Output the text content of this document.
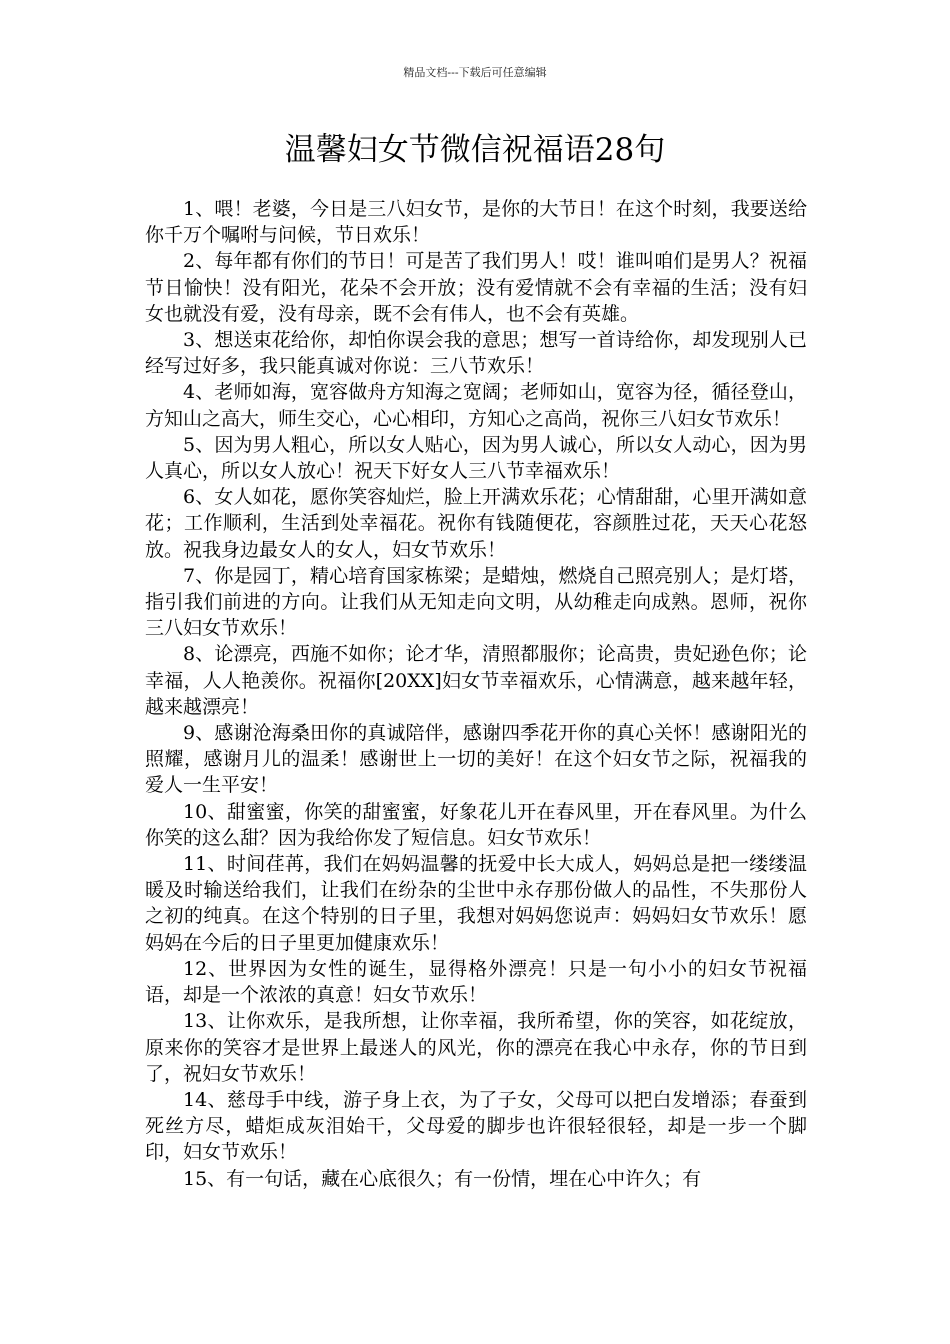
精品文档---下载后可任意编辑
温馨妇女节微信祝福语28句

1、喂！老婆，今日是三八妇女节，是你的大节日！在这个时刻，我要送给你千万个嘱咐与问候，节日欢乐！

2、每年都有你们的节日！可是苦了我们男人！哎！谁叫咱们是男人？祝福节日愉快！没有阳光，花朵不会开放；没有爱情就不会有幸福的生活；没有妇女也就没有爱，没有母亲，既不会有伟人，也不会有英雄。

3、想送束花给你，却怕你误会我的意思；想写一首诗给你，却发现别人已经写过好多，我只能真诚对你说：三八节欢乐！

4、老师如海，宽容做舟方知海之宽阔；老师如山，宽容为径，循径登山，方知山之高大，师生交心，心心相印，方知心之高尚，祝你三八妇女节欢乐！

5、因为男人粗心，所以女人贴心，因为男人诚心，所以女人动心，因为男人真心，所以女人放心！祝天下好女人三八节幸福欢乐！

6、女人如花，愿你笑容灿烂，脸上开满欢乐花；心情甜甜，心里开满如意花；工作顺利，生活到处幸福花。祝你有钱随便花，容颜胜过花，天天心花怒放。祝我身边最女人的女人，妇女节欢乐！

7、你是园丁，精心培育国家栋梁；是蜡烛，燃烧自己照亮别人；是灯塔，指引我们前进的方向。让我们从无知走向文明，从幼稚走向成熟。恩师，祝你三八妇女节欢乐！

8、论漂亮，西施不如你；论才华，清照都服你；论高贵，贵妃逊色你；论幸福，人人艳羡你。祝福你[20XX]妇女节幸福欢乐，心情满意，越来越年轻，越来越漂亮！

9、感谢沧海桑田你的真诚陪伴，感谢四季花开你的真心关怀！感谢阳光的照耀，感谢月儿的温柔！感谢世上一切的美好！在这个妇女节之际，祝福我的爱人一生平安！

10、甜蜜蜜，你笑的甜蜜蜜，好象花儿开在春风里，开在春风里。为什么你笑的这么甜？因为我给你发了短信息。妇女节欢乐！

11、时间荏苒，我们在妈妈温馨的抚爱中长大成人，妈妈总是把一缕缕温暖及时输送给我们，让我们在纷杂的尘世中永存那份做人的品性，不失那份人之初的纯真。在这个特别的日子里，我想对妈妈您说声：妈妈妇女节欢乐！愿妈妈在今后的日子里更加健康欢乐！

12、世界因为女性的诞生，显得格外漂亮！只是一句小小的妇女节祝福语，却是一个浓浓的真意！妇女节欢乐！

13、让你欢乐，是我所想，让你幸福，我所希望，你的笑容，如花绽放，原来你的笑容才是世界上最迷人的风光，你的漂亮在我心中永存，你的节日到了，祝妇女节欢乐！

14、慈母手中线，游子身上衣，为了子女，父母可以把白发增添；春蚕到死丝方尽，蜡炬成灰泪始干，父母爱的脚步也许很轻很轻，却是一步一个脚印，妇女节欢乐！

15、有一句话，藏在心底很久；有一份情，埋在心中许久；有
